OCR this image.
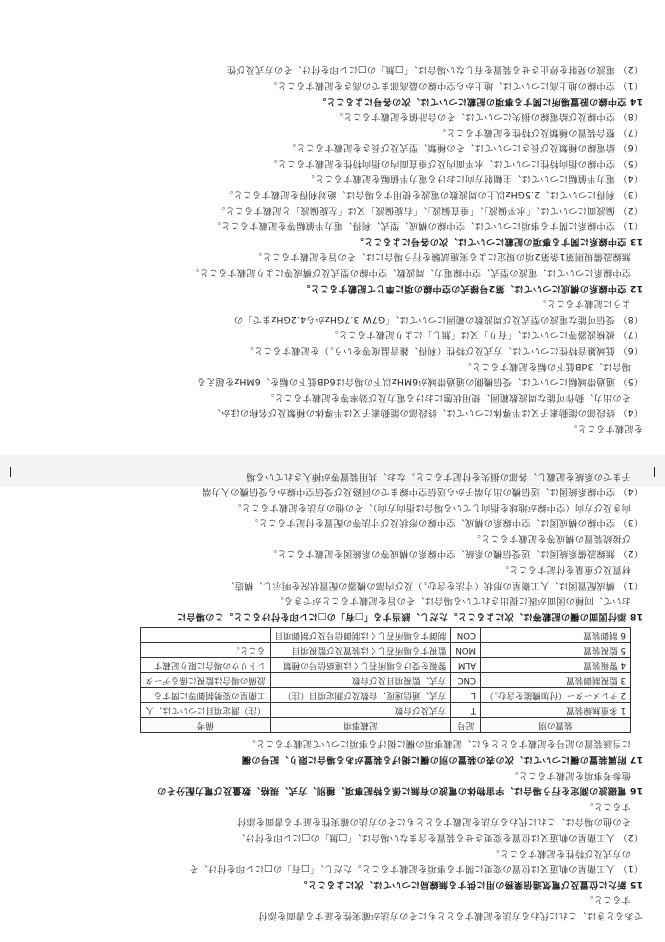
を記載すること。

（4） 終段部の能動素子又は半導体については、終段部の能動素子又は半導体の種類及び名称のほか、

その出力、動作可能な周波数範囲、使用状態における電力及び効率等を記載すること。

（5） 通過帯域幅については、受信機側の通過帯域が6MHz以下の場合は6dB低下の幅を、6MHzを超える

場合は、3dB低下の幅を記載すること。

（6） 低域雑音特性については、方式及び特性（利得、雑音温度等をいう。）を記載すること。

（7） 被検波器等については、「有り」又は「無し」により記載すること。

（8） 受信可能な電波の型式及び周波数の範囲については、「G7W 3.7GHzから4.2GHzまで」の

ように記載すること。

12 空中線系の構成については、第2号様式の空中線の項に準じて記載すること。

空中線系については、電波の型式、空中線電力、周波数、空中線の型式及び構成等により記載すること。

無線設備規則第1条第2項の規定による実施試験を行う場合には、その旨を記載すること。

13 空中線系に関する事項の記載については、次の各号によること。

（1） 空中線系に関する事項については、空中線の構成、型式、利得、電力半値幅等を記載すること。

（2） 偏波面については、「水平偏波」、「垂直偏波」、「右旋偏波」又は「左旋偏波」と記載すること。

（3） 利得については、2.5GHz以上の周波数の電波を使用する場合は、絶対利得を記載すること。

（4） 電力半値幅については、主輻射方向における電力半値幅を記載すること。

（5） 空中線の指向特性については、水平面内及び垂直面内の指向特性を記載すること。

（6） 給電線の種類及び長さについては、その種類、型式及び長さを記載すること。

（7） 整合装置の種類及び特性を記載すること。

（8） 空中線及び給電線の損失については、その合計値を記載すること。

14 空中線の設置場所に関する事項の記載については、次の各号によること。

（1） 空中線の地上高については、地上から空中線の最高部までの高さを記載すること。

（2） 電波の発射を停止させる装置を有しない場合は、「□無」の□にレ印を付け、その方式及び性

であるときは、これに代わる方法を記載するとともにその方法が確実性を証する書面を添付

すること。

15 新たに位置及び電気通信業務の用に供する無線局については、次によること。

（1） 人工衛星の軌道又は位置の変更に関する事項を記載すること。ただし、「□有」の□にレ印を付け、そ

の方式及び特性を記載すること。

（2） 人工衛星の軌道又は位置を変更させる装置を含まない場合は、「□無」の□にレ印を付け、

その他の場合は、これに代わる方法を記載するとともにその方法の確実性を証する書面を添付

すること。

16 電磁波の測定を行う場合は、宇宙物体の電波の有無に係る特記事項、種別、方式、規格、数量及び電力配分その

他参考事項を記載すること。

17 附属装置の欄については、次の表の装置の別の欄に掲げる装置がある場合に限り、記号の欄

に当該装置の記号を記載するとともに、記載事項の欄に掲げる事項について記載すること。

装置の別	記号	記載事項	備考
1 多重無線装置	T	方式及び台数	（注）測定項目については、人
2 テレメーター（付加機能を含む。）	L	方式、通信速度、台数及び測定項目（注）	工衛星の姿勢制御等に関する
3 監視制御装置	CNC	方式、監視項目及び台数	設備の場合は監視に係るデータ
4 警報装置	ALM	警報を受ける場所若しくは連絡信号の種類	レトリウの場合に限り記載す
5 監視装置	MON	監視する場所若しくは装置及び監視項目	ること。
6 制御装置	CON	制御する場所若しくは制御信号及び制御項目	

18 添付図面の欄の記載等は、次によること。ただし、該当する「□有」の□にレ印を付けること。この場合に

おいて、同種の図面が既に提出されている場合は、その旨を記載することができる。

（1） 構成配置図は、人工衛星の形状（寸法を含む。）及び内部の機器の配置状況を明示し、構造、

材質及び重量を付記すること。

（2） 無線設備系統図は、送受信機の系統、空中線系の構成等の系統図を記載すること。

び接続装置の構成等を記載すること。

（3） 空中線の構成図は、空中線系の構成、空中線の形状及び寸法等の配置を付記すること。

向き及び方向（空中線が地球を指向している場合は指向方向）、その他の方法を記載すること。

（4） 空中線系統図は、送信機の出力端子から送信空中線までの回路及び受信空中線から受信機の入力端

子までの系統を記載し、各部の損失を付記すること。なお、共用装置等が挿入されている場
